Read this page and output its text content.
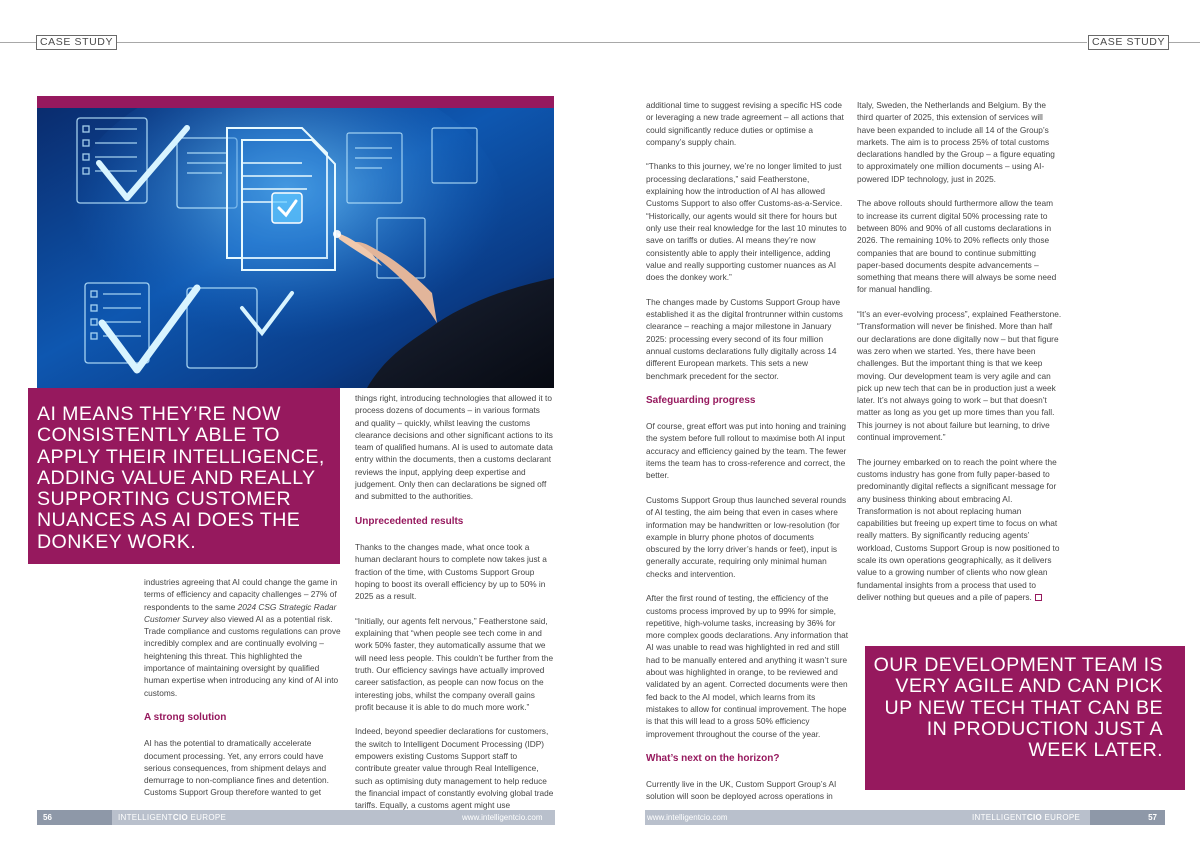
CASE STUDY	CASE STUDY
AI MEANS THEY’RE NOW CONSISTENTLY ABLE TO APPLY THEIR INTELLIGENCE, ADDING VALUE AND REALLY SUPPORTING CUSTOMER NUANCES AS AI DOES THE DONKEY WORK.

industries agreeing that AI could change the game in terms of efficiency and capacity challenges – 27% of respondents to the same 2024 CSG Strategic Radar Customer Survey also viewed AI as a potential risk. Trade compliance and customs regulations can prove incredibly complex and are continually evolving – heightening this threat. This highlighted the importance of maintaining oversight by qualified human expertise when introducing any kind of AI into customs.

A strong solution

AI has the potential to dramatically accelerate document processing. Yet, any errors could have serious consequences, from shipment delays and demurrage to non-compliance fines and detention. Customs Support Group therefore wanted to get

things right, introducing technologies that allowed it to process dozens of documents – in various formats and quality – quickly, whilst leaving the customs clearance decisions and other significant actions to its team of qualified humans. AI is used to automate data entry within the documents, then a customs declarant reviews the input, applying deep expertise and judgement. Only then can declarations be signed off and submitted to the authorities.

Unprecedented results

Thanks to the changes made, what once took a human declarant hours to complete now takes just a fraction of the time, with Customs Support Group hoping to boost its overall efficiency by up to 50% in 2025 as a result.

“Initially, our agents felt nervous,” Featherstone said, explaining that “when people see tech come in and work 50% faster, they automatically assume that we will need less people. This couldn’t be further from the truth. Our efficiency savings have actually improved career satisfaction, as people can now focus on the interesting jobs, whilst the company overall gains profit because it is able to do much more work.”

Indeed, beyond speedier declarations for customers, the switch to Intelligent Document Processing (IDP) empowers existing Customs Support staff to contribute greater value through Real Intelligence, such as optimising duty management to help reduce the financial impact of constantly evolving global trade tariffs. Equally, a customs agent might use

additional time to suggest revising a specific HS code or leveraging a new trade agreement – all actions that could significantly reduce duties or optimise a company’s supply chain.

“Thanks to this journey, we’re no longer limited to just processing declarations,” said Featherstone, explaining how the introduction of AI has allowed Customs Support to also offer Customs-as-a-Service. “Historically, our agents would sit there for hours but only use their real knowledge for the last 10 minutes to save on tariffs or duties. AI means they’re now consistently able to apply their intelligence, adding value and really supporting customer nuances as AI does the donkey work.”

The changes made by Customs Support Group have established it as the digital frontrunner within customs clearance – reaching a major milestone in January 2025: processing every second of its four million annual customs declarations fully digitally across 14 different European markets. This sets a new benchmark precedent for the sector.

Safeguarding progress

Of course, great effort was put into honing and training the system before full rollout to maximise both AI input accuracy and efficiency gained by the team. The fewer items the team has to cross-reference and correct, the better.

Customs Support Group thus launched several rounds of AI testing, the aim being that even in cases where information may be handwritten or low-resolution (for example in blurry phone photos of documents obscured by the lorry driver’s hands or feet), input is generally accurate, requiring only minimal human checks and intervention.

After the first round of testing, the efficiency of the customs process improved by up to 99% for simple, repetitive, high-volume tasks, increasing by 36% for more complex goods declarations. Any information that AI was unable to read was highlighted in red and still had to be manually entered and anything it wasn’t sure about was highlighted in orange, to be reviewed and validated by an agent. Corrected documents were then fed back to the AI model, which learns from its mistakes to allow for continual improvement. The hope is that this will lead to a gross 50% efficiency improvement throughout the course of the year.

What’s next on the horizon?

Currently live in the UK, Custom Support Group’s AI solution will soon be deployed across operations in

Italy, Sweden, the Netherlands and Belgium. By the third quarter of 2025, this extension of services will have been expanded to include all 14 of the Group’s markets. The aim is to process 25% of total customs declarations handled by the Group – a figure equating to approximately one million documents – using AI-powered IDP technology, just in 2025.

The above rollouts should furthermore allow the team to increase its current digital 50% processing rate to between 80% and 90% of all customs declarations in 2026. The remaining 10% to 20% reflects only those companies that are bound to continue submitting paper-based documents despite advancements – something that means there will always be some need for manual handling.

“It’s an ever-evolving process”, explained Featherstone. “Transformation will never be finished. More than half our declarations are done digitally now – but that figure was zero when we started. Yes, there have been challenges. But the important thing is that we keep moving. Our development team is very agile and can pick up new tech that can be in production just a week later. It’s not always going to work – but that doesn’t matter as long as you get up more times than you fall. This journey is not about failure but learning, to drive continual improvement.”

The journey embarked on to reach the point where the customs industry has gone from fully paper-based to predominantly digital reflects a significant message for any business thinking about embracing AI. Transformation is not about replacing human capabilities but freeing up expert time to focus on what really matters. By significantly reducing agents’ workload, Customs Support Group is now positioned to scale its own operations geographically, as it delivers value to a growing number of clients who now glean fundamental insights from a process that used to deliver nothing but queues and a pile of papers.

OUR DEVELOPMENT TEAM IS VERY AGILE AND CAN PICK UP NEW TECH THAT CAN BE IN PRODUCTION JUST A WEEK LATER.
56	57
INTELLIGENTCIO EUROPE	www.intelligentcio.com	www.intelligentcio.com	INTELLIGENTCIO EUROPE
